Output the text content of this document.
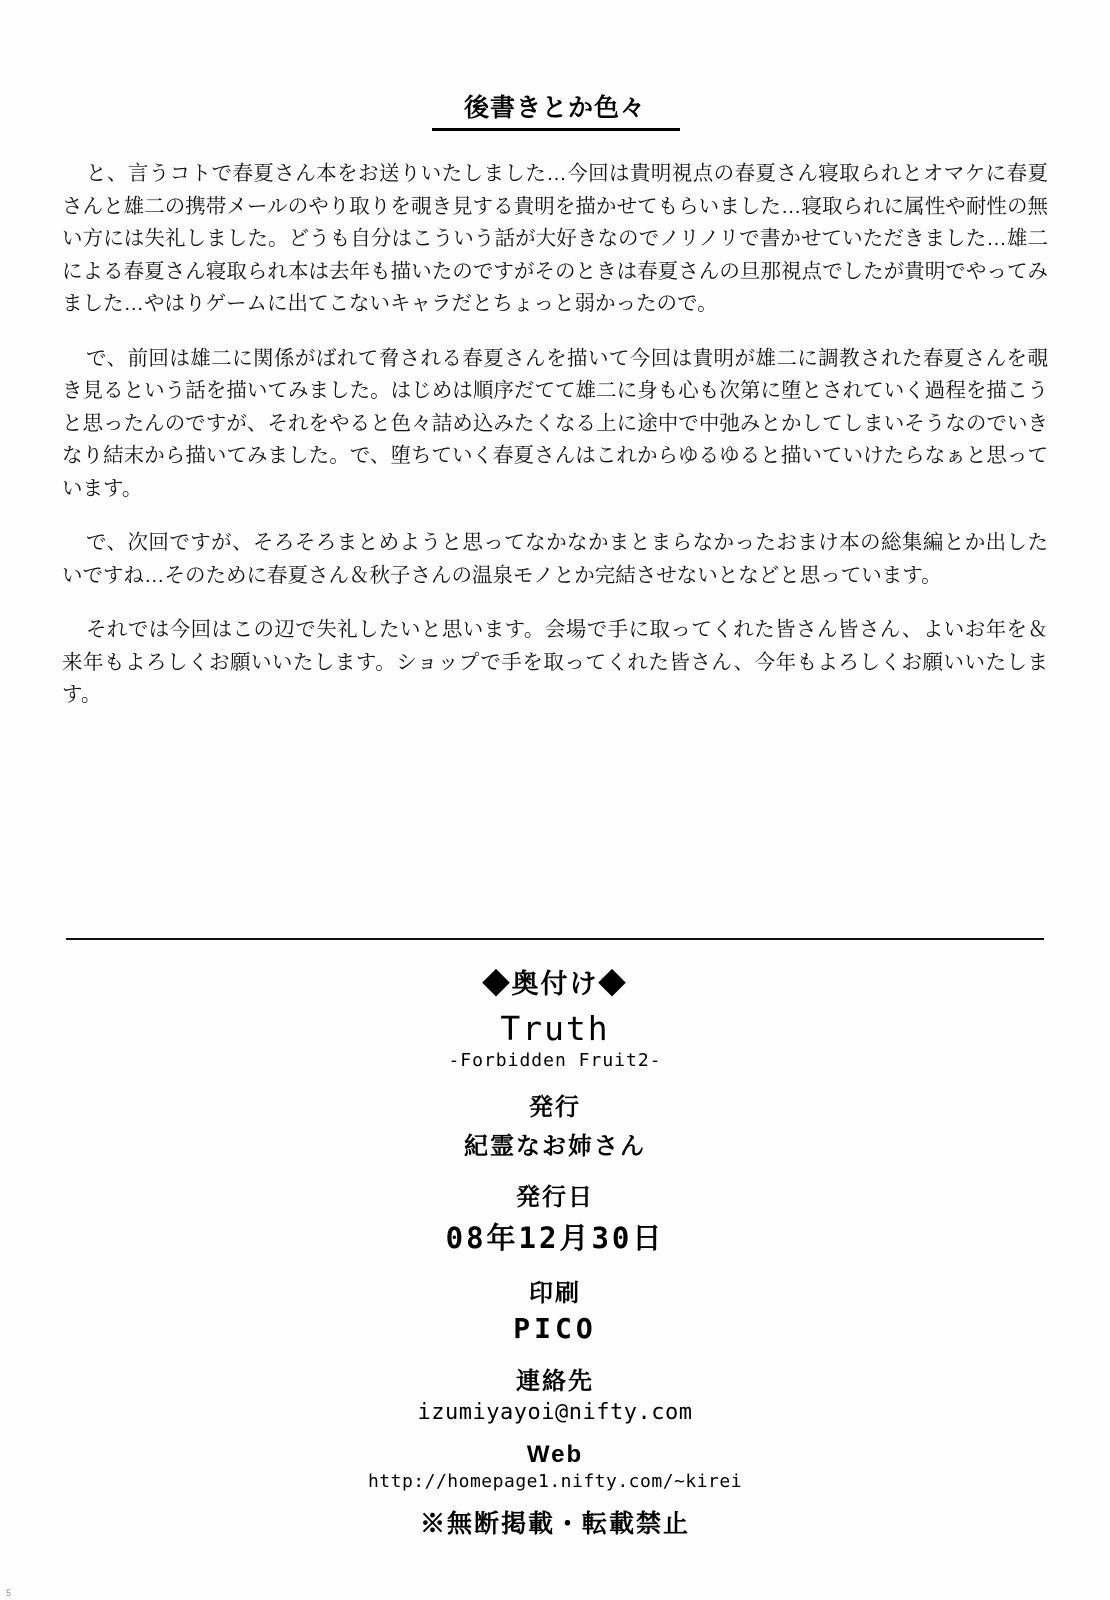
後書きとか色々

と、言うコトで春夏さん本をお送りいたしました…今回は貴明視点の春夏さん寝取られとオマケに春夏さんと雄二の携帯メールのやり取りを覗き見する貴明を描かせてもらいました…寝取られに属性や耐性の無い方には失礼しました。どうも自分はこういう話が大好きなのでノリノリで書かせていただきました…雄二による春夏さん寝取られ本は去年も描いたのですがそのときは春夏さんの旦那視点でしたが貴明でやってみました…やはりゲームに出てこないキャラだとちょっと弱かったので。

で、前回は雄二に関係がばれて脅される春夏さんを描いて今回は貴明が雄二に調教された春夏さんを覗き見るという話を描いてみました。はじめは順序だてて雄二に身も心も次第に堕とされていく過程を描こうと思ったんのですが、それをやると色々詰め込みたくなる上に途中で中弛みとかしてしまいそうなのでいきなり結末から描いてみました。で、堕ちていく春夏さんはこれからゆるゆると描いていけたらなぁと思っています。

で、次回ですが、そろそろまとめようと思ってなかなかまとまらなかったおまけ本の総集編とか出したいですね…そのために春夏さん＆秋子さんの温泉モノとか完結させないとなどと思っています。

それでは今回はこの辺で失礼したいと思います。会場で手に取ってくれた皆さん皆さん、よいお年を＆来年もよろしくお願いいたします。ショップで手を取ってくれた皆さん、今年もよろしくお願いいたします。

◆奥付け◆
Truth
-Forbidden Fruit2-
発行
紀霊なお姉さん
発行日
08年12月30日
印刷
PICO
連絡先
izumiyayoi@nifty.com
Web
http://homepage1.nifty.com/~kirei
※無断掲載・転載禁止
5
